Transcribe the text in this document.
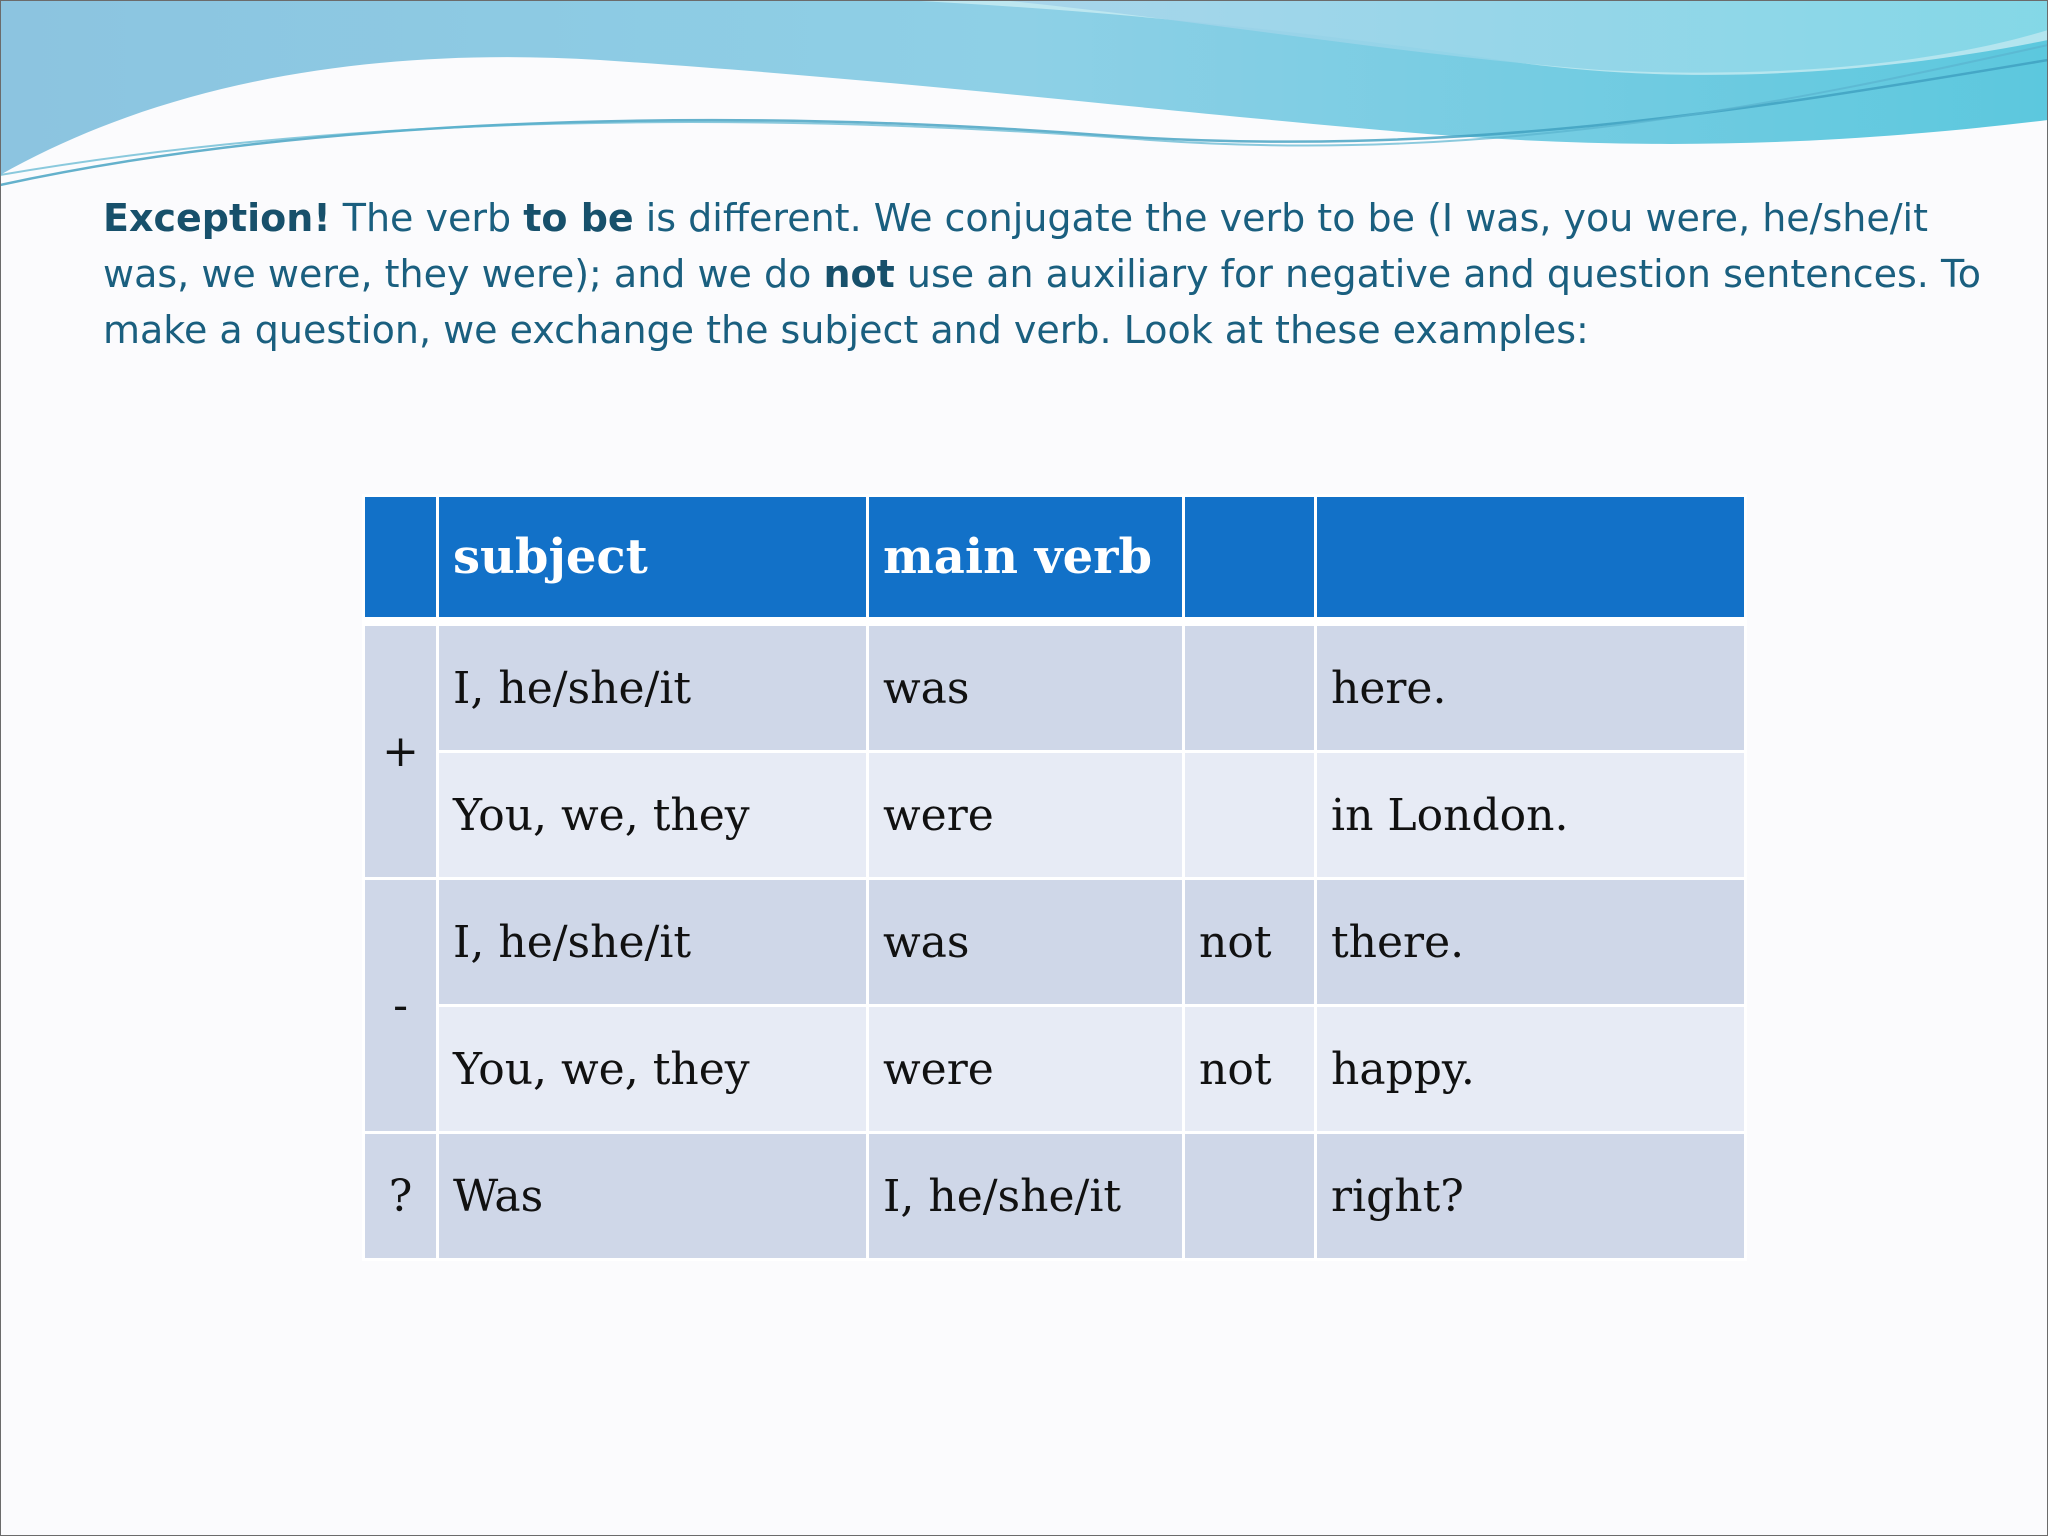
Exception! The verb to be is different. We conjugate the verb to be (I was, you were, he/she/it was, we were, they were); and we do not use an auxiliary for negative and question sentences. To make a question, we exchange the subject and verb. Look at these examples:
	subject	main verb		
+	I, he/she/it	was		here.
	You, we, they	were		in London.
-	I, he/she/it	was	not	there.
	You, we, they	were	not	happy.
?	Was	I, he/she/it		right?
